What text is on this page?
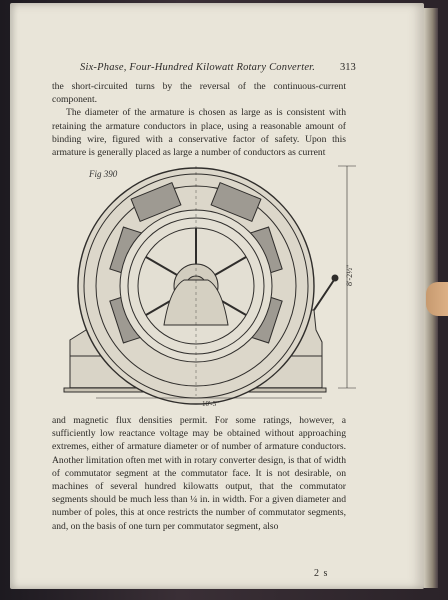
Six-Phase, Four-Hundred Kilowatt Rotary Converter.	313

the short-circuited turns by the reversal of the continuous-current component.

The diameter of the armature is chosen as large as is consistent with retaining the armature conductors in place, using a reasonable amount of binding wire, figured with a conservative factor of safety. Upon this armature is generally placed as large a number of conductors as current

Fig 390
8'-2½"
10'-5"

and magnetic flux densities permit. For some ratings, however, a sufficiently low reactance voltage may be obtained without approaching extremes, either of armature diameter or of number of armature conductors. Another limitation often met with in rotary converter design, is that of width of commutator segment at the commutator face. It is not desirable, on machines of several hundred kilowatts output, that the commutator segments should be much less than ¼ in. in width. For a given diameter and number of poles, this at once restricts the number of commutator segments, and, on the basis of one turn per commutator segment, also

2 s
